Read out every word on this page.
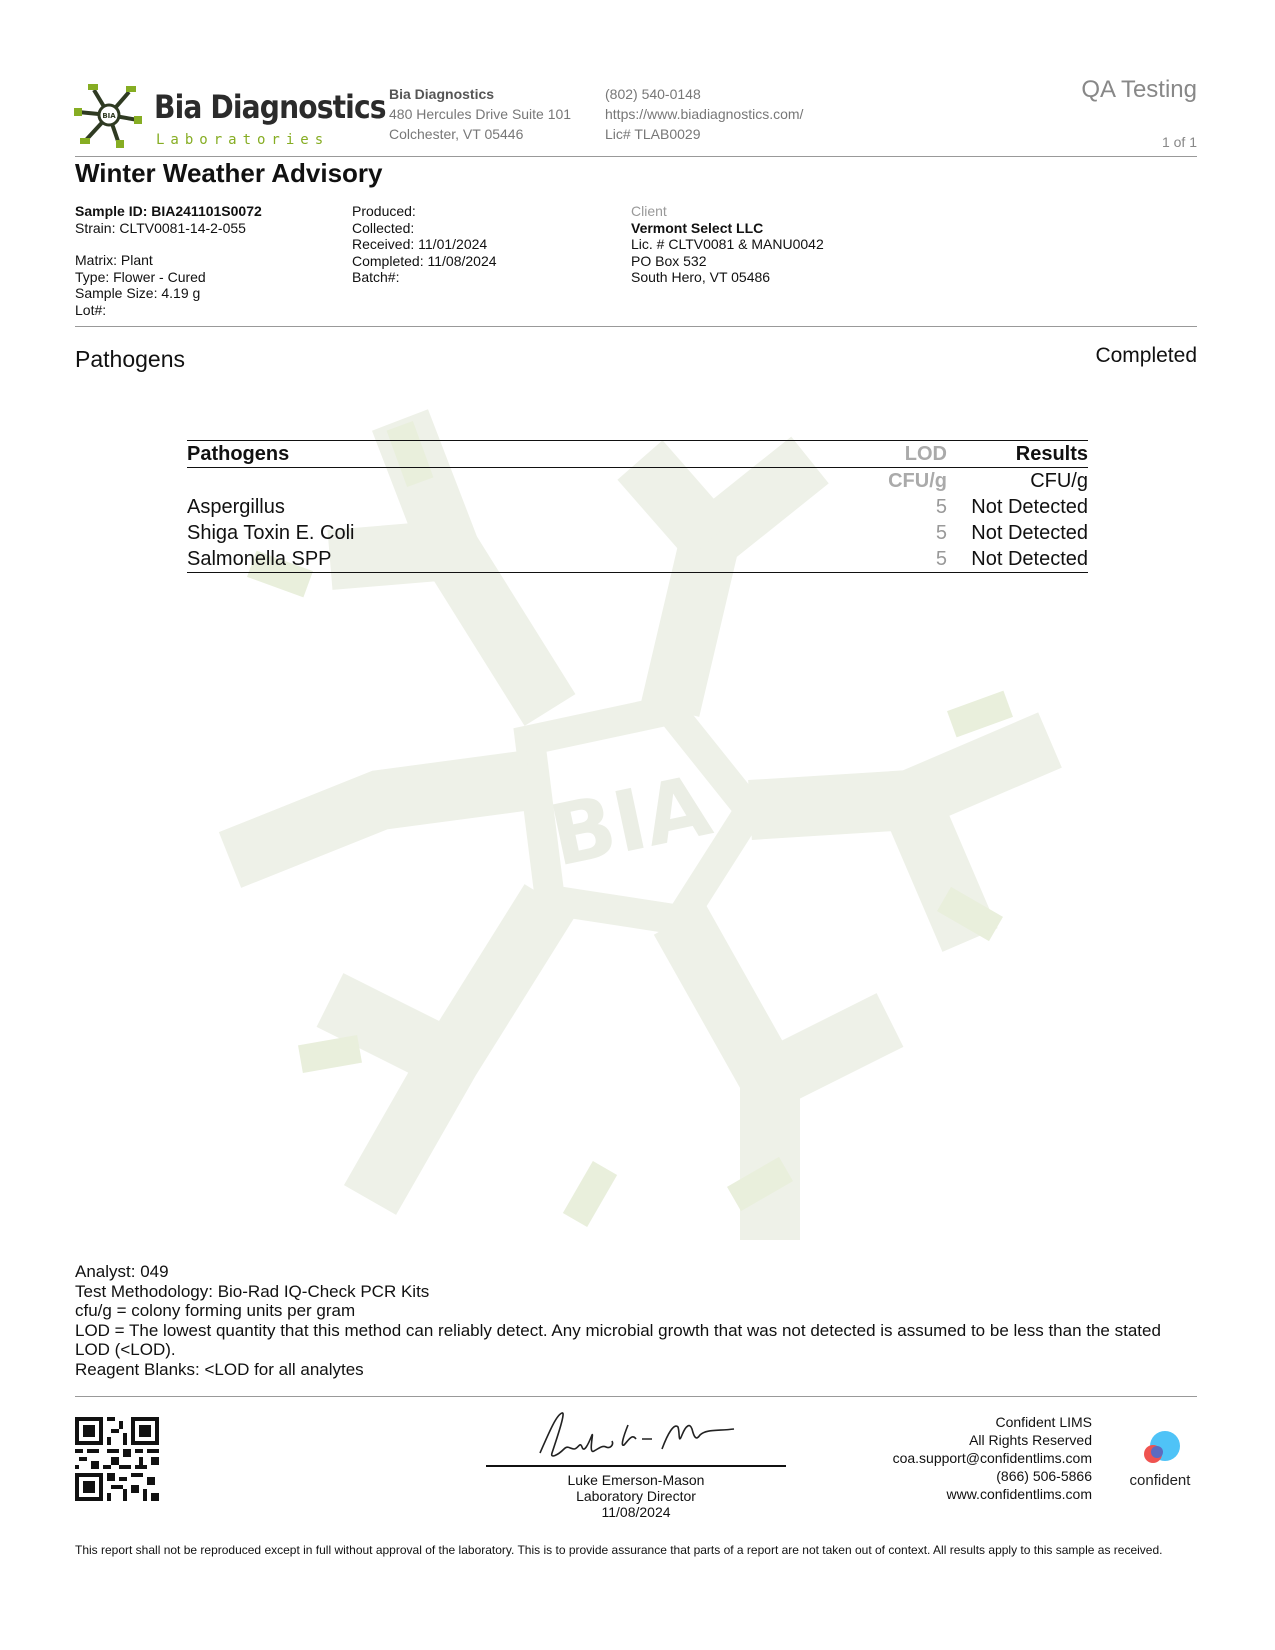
BIA
BIA Bia Diagnostics
Laboratories
Bia Diagnostics
480 Hercules Drive Suite 101
Colchester, VT 05446
(802) 540-0148
https://www.biadiagnostics.com/
Lic# TLAB0029
QA Testing
1 of 1
Winter Weather Advisory
Sample ID: BIA241101S0072
Strain: CLTV0081-14-2-055
Matrix: Plant
Type: Flower - Cured
Sample Size: 4.19 g
Lot#:
Produced:
Collected:
Received: 11/01/2024
Completed: 11/08/2024
Batch#:
Client
Vermont Select LLC
Lic. # CLTV0081 & MANU0042
PO Box 532
South Hero, VT 05486
Pathogens	Completed
Pathogens	LOD	Results
	CFU/g	CFU/g
Aspergillus	5	Not Detected
Shiga Toxin E. Coli	5	Not Detected
Salmonella SPP	5	Not Detected
Analyst: 049
Test Methodology: Bio-Rad IQ-Check PCR Kits
cfu/g = colony forming units per gram
LOD = The lowest quantity that this method can reliably detect. Any microbial growth that was not detected is assumed to be less than the stated LOD (<LOD).
Reagent Blanks: <LOD for all analytes
Luke Emerson-Mason
Laboratory Director
11/08/2024
Confident LIMS
All Rights Reserved
coa.support@confidentlims.com
(866) 506-5866
www.confidentlims.com
confident
This report shall not be reproduced except in full without approval of the laboratory. This is to provide assurance that parts of a report are not taken out of context. All results apply to this sample as received.
